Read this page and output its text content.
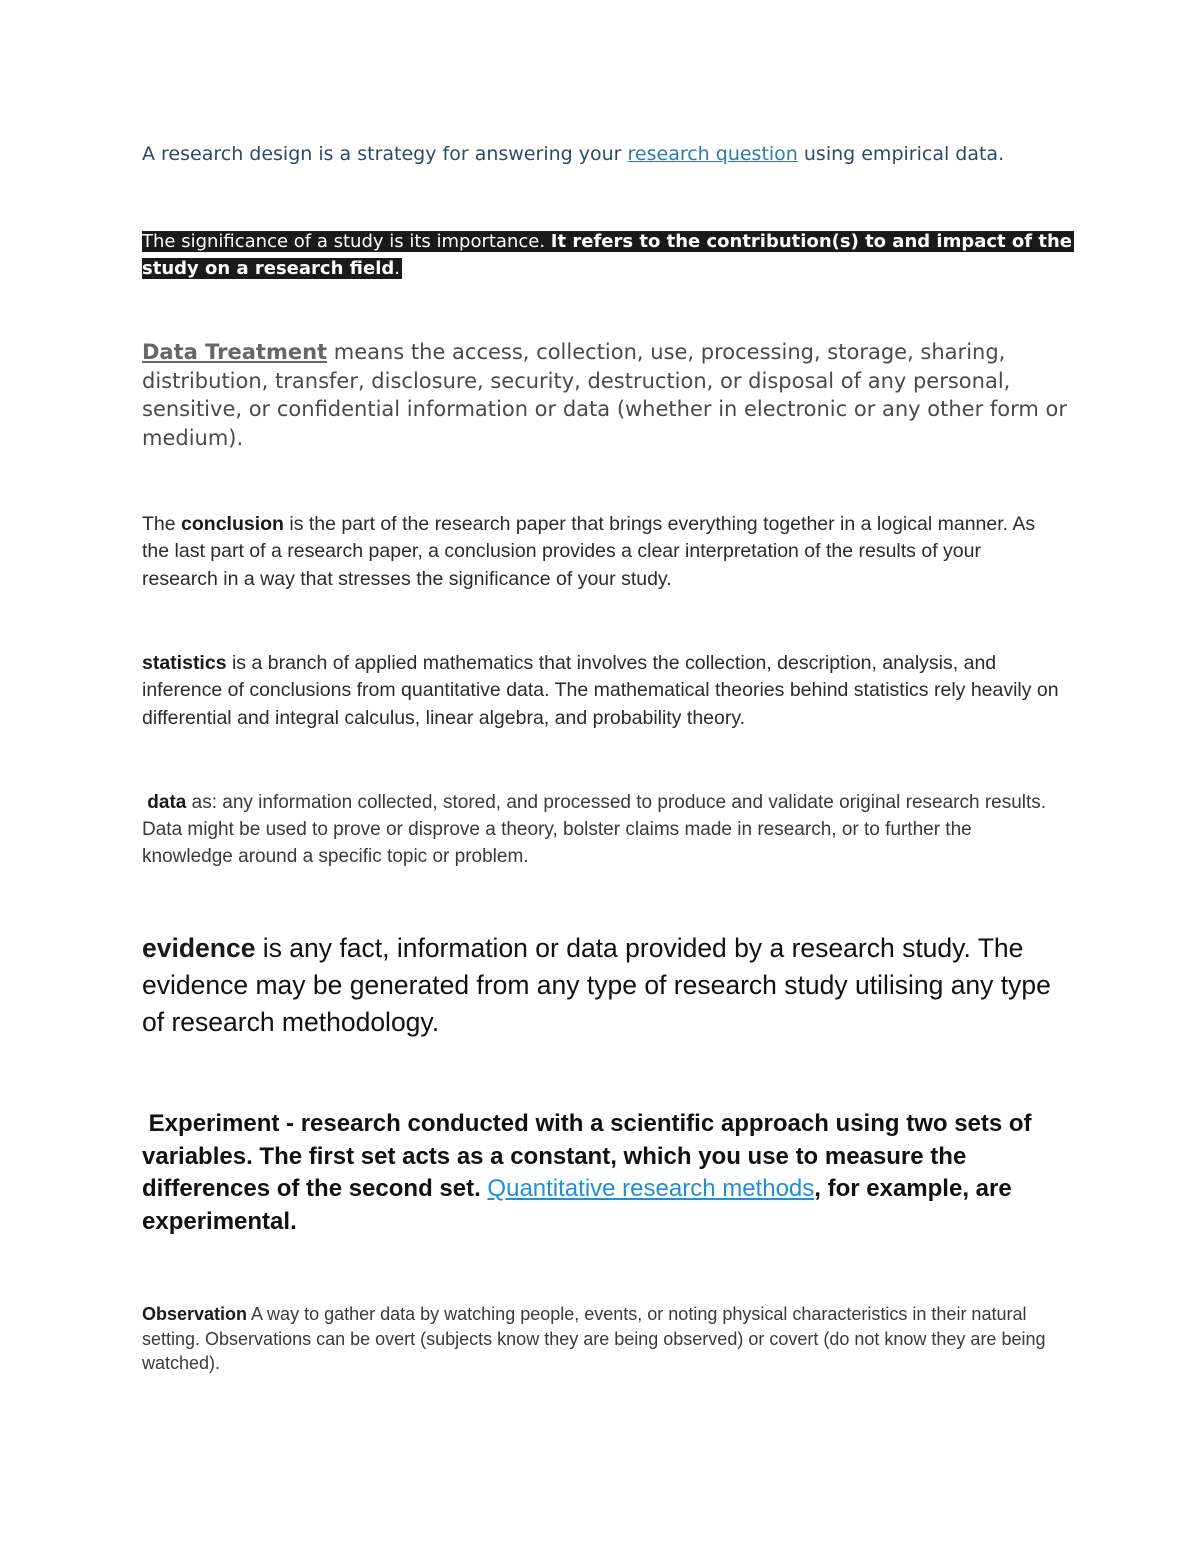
A research design is a strategy for answering your research question using empirical data.

The significance of a study is its importance. It refers to the contribution(s) to and impact of the study on a research field.

Data Treatment means the access, collection, use, processing, storage, sharing, distribution, transfer, disclosure, security, destruction, or disposal of any personal, sensitive, or confidential information or data (whether in electronic or any other form or medium).

The conclusion is the part of the research paper that brings everything together in a logical manner. As the last part of a research paper, a conclusion provides a clear interpretation of the results of your research in a way that stresses the significance of your study.

statistics is a branch of applied mathematics that involves the collection, description, analysis, and inference of conclusions from quantitative data. The mathematical theories behind statistics rely heavily on differential and integral calculus, linear algebra, and probability theory.

data as: any information collected, stored, and processed to produce and validate original research results. Data might be used to prove or disprove a theory, bolster claims made in research, or to further the knowledge around a specific topic or problem.

evidence is any fact, information or data provided by a research study. The evidence may be generated from any type of research study utilising any type of research methodology.

Experiment - research conducted with a scientific approach using two sets of variables. The first set acts as a constant, which you use to measure the differences of the second set. Quantitative research methods, for example, are experimental.

Observation A way to gather data by watching people, events, or noting physical characteristics in their natural setting. Observations can be overt (subjects know they are being observed) or covert (do not know they are being watched).
